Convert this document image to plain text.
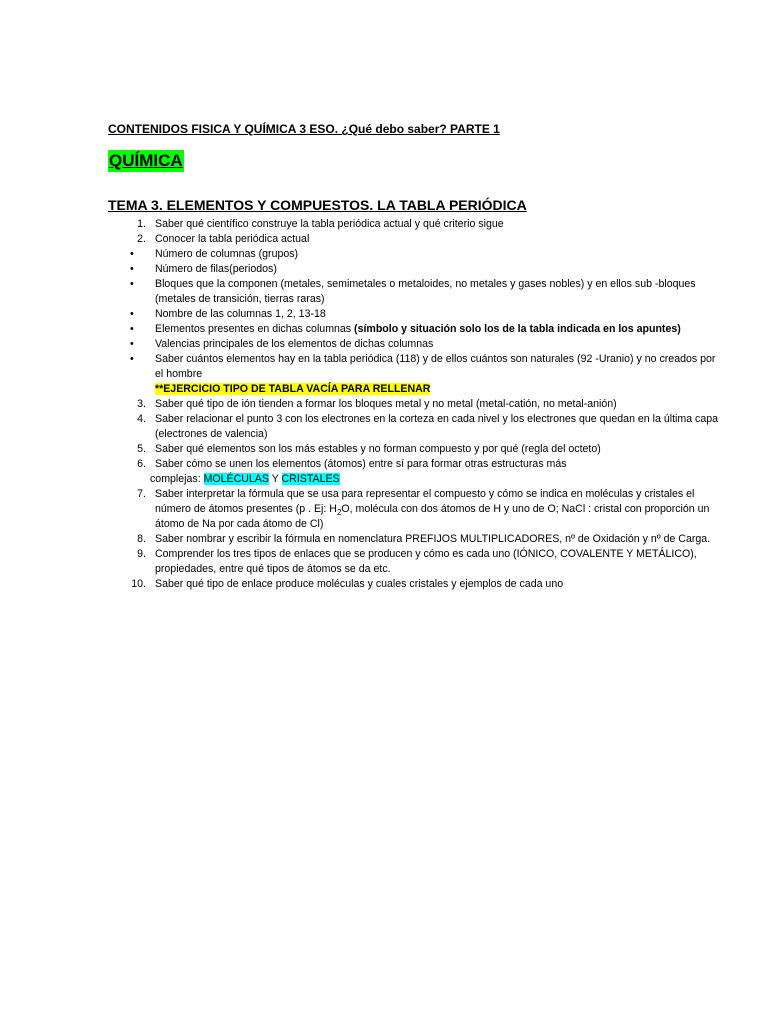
CONTENIDOS FISICA Y QUÍMICA 3 ESO. ¿Qué debo saber? PARTE 1
QUÍMICA
TEMA 3. ELEMENTOS Y COMPUESTOS. LA TABLA PERIÓDICA
1. Saber qué científico construye la tabla periódica actual y qué criterio sigue
2. Conocer la tabla periódica actual
•	Número de columnas (grupos)
•	Número de filas(periodos)
•	Bloques que la componen (metales, semimetales o metaloides, no metales y gases nobles) y en ellos sub -bloques (metales de transición, tierras raras)
•	Nombre de las columnas 1, 2, 13-18
•	Elementos presentes en dichas columnas (símbolo y situación solo los de la tabla indicada en los apuntes)
•	Valencias principales de los elementos de dichas columnas
•	Saber cuántos elementos hay en la tabla periódica (118) y de ellos cuántos son naturales (92 -Uranio) y no creados por el hombre
**EJERCICIO TIPO DE TABLA VACÍA PARA RELLENAR
3. Saber qué tipo de ión tienden a formar los bloques metal y no metal (metal-catión, no metal-anión)
4. Saber relacionar el punto 3 con los electrones en la corteza en cada nivel y los electrones que quedan en la última capa (electrones de valencia)
5. Saber qué elementos son los más estables y no forman compuesto y por qué (regla del octeto)
6. Saber cómo se unen los elementos (átomos) entre sí para formar otras estructuras más
complejas: MOLÉCULAS Y CRISTALES
7. Saber interpretar la fórmula que se usa para representar el compuesto y cómo se indica en moléculas y cristales el número de átomos presentes (p . Ej: $H_2O$, molécula con dos átomos de H y uno de O; NaCl : cristal con proporción un átomo de Na por cada átomo de Cl)
8. Saber nombrar y escribir la fórmula en nomenclatura PREFIJOS MULTIPLICADORES, nº de Oxidación y nº de Carga.
9. Comprender los tres tipos de enlaces que se producen y cómo es cada uno (IÓNICO, COVALENTE Y METÁLICO), propiedades, entre qué tipos de átomos se da etc.
10. Saber qué tipo de enlace produce moléculas y cuales cristales y ejemplos de cada uno
